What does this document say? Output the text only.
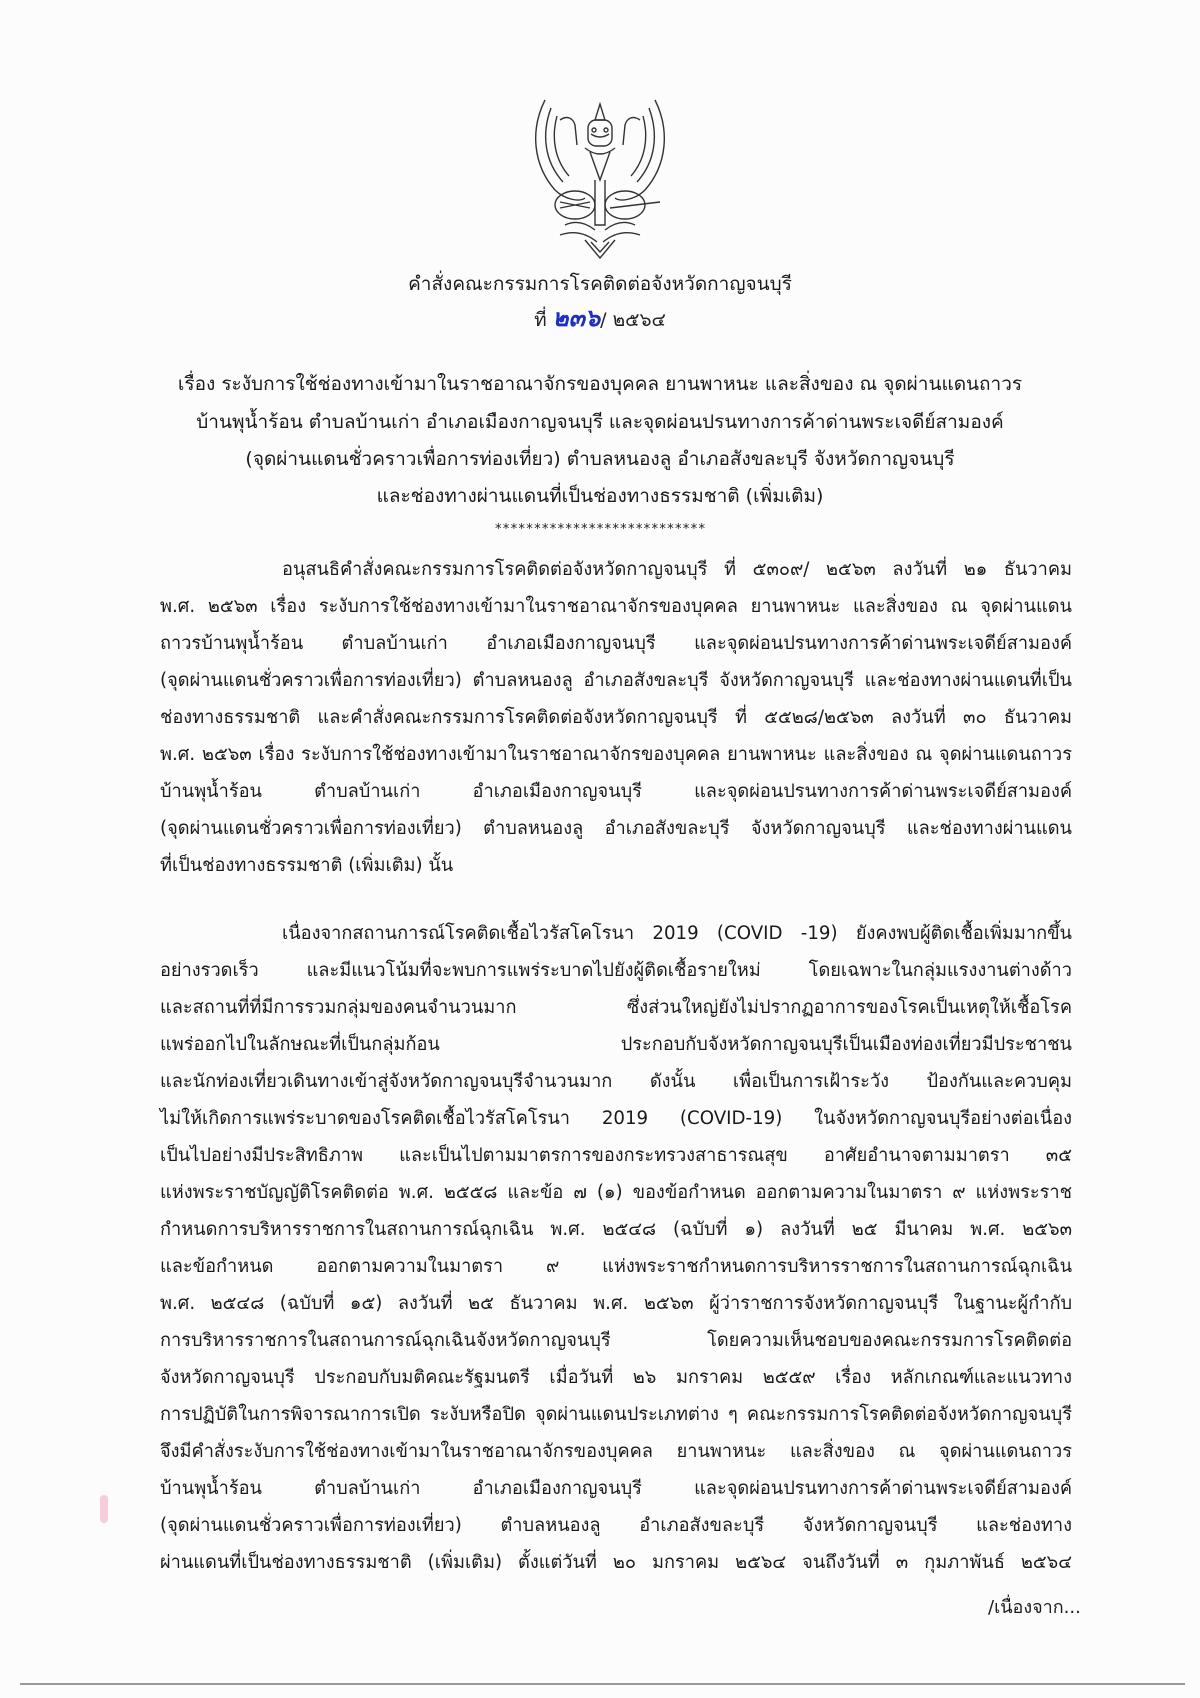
คำสั่งคณะกรรมการโรคติดต่อจังหวัดกาญจนบุรี
ที่ ๒๓๖/ ๒๕๖๔
เรื่อง ระงับการใช้ช่องทางเข้ามาในราชอาณาจักรของบุคคล ยานพาหนะ และสิ่งของ ณ จุดผ่านแดนถาวร
บ้านพุน้ำร้อน ตำบลบ้านเก่า อำเภอเมืองกาญจนบุรี และจุดผ่อนปรนทางการค้าด่านพระเจดีย์สามองค์
(จุดผ่านแดนชั่วคราวเพื่อการท่องเที่ยว) ตำบลหนองลู อำเภอสังขละบุรี จังหวัดกาญจนบุรี
และช่องทางผ่านแดนที่เป็นช่องทางธรรมชาติ (เพิ่มเติม)
***************************
อนุสนธิคำสั่งคณะกรรมการโรคติดต่อจังหวัดกาญจนบุรี ที่ ๕๓๐๙/ ๒๕๖๓ ลงวันที่ ๒๑ ธันวาคม
พ.ศ. ๒๕๖๓ เรื่อง ระงับการใช้ช่องทางเข้ามาในราชอาณาจักรของบุคคล ยานพาหนะ และสิ่งของ ณ จุดผ่านแดน
ถาวรบ้านพุน้ำร้อน ตำบลบ้านเก่า อำเภอเมืองกาญจนบุรี และจุดผ่อนปรนทางการค้าด่านพระเจดีย์สามองค์
(จุดผ่านแดนชั่วคราวเพื่อการท่องเที่ยว) ตำบลหนองลู อำเภอสังขละบุรี จังหวัดกาญจนบุรี และช่องทางผ่านแดนที่เป็น
ช่องทางธรรมชาติ และคำสั่งคณะกรรมการโรคติดต่อจังหวัดกาญจนบุรี ที่ ๕๕๒๘/๒๕๖๓ ลงวันที่ ๓๐ ธันวาคม
พ.ศ. ๒๕๖๓ เรื่อง ระงับการใช้ช่องทางเข้ามาในราชอาณาจักรของบุคคล ยานพาหนะ และสิ่งของ ณ จุดผ่านแดนถาวร
บ้านพุน้ำร้อน ตำบลบ้านเก่า อำเภอเมืองกาญจนบุรี และจุดผ่อนปรนทางการค้าด่านพระเจดีย์สามองค์
(จุดผ่านแดนชั่วคราวเพื่อการท่องเที่ยว) ตำบลหนองลู อำเภอสังขละบุรี จังหวัดกาญจนบุรี และช่องทางผ่านแดน
ที่เป็นช่องทางธรรมชาติ (เพิ่มเติม) นั้น
เนื่องจากสถานการณ์โรคติดเชื้อไวรัสโคโรนา 2019 (COVID -19) ยังคงพบผู้ติดเชื้อเพิ่มมากขึ้น
อย่างรวดเร็ว และมีแนวโน้มที่จะพบการแพร่ระบาดไปยังผู้ติดเชื้อรายใหม่ โดยเฉพาะในกลุ่มแรงงานต่างด้าว
และสถานที่ที่มีการรวมกลุ่มของคนจำนวนมาก ซึ่งส่วนใหญ่ยังไม่ปรากฏอาการของโรคเป็นเหตุให้เชื้อโรค
แพร่ออกไปในลักษณะที่เป็นกลุ่มก้อน ประกอบกับจังหวัดกาญจนบุรีเป็นเมืองท่องเที่ยวมีประชาชน
และนักท่องเที่ยวเดินทางเข้าสู่จังหวัดกาญจนบุรีจำนวนมาก ดังนั้น เพื่อเป็นการเฝ้าระวัง ป้องกันและควบคุม
ไม่ให้เกิดการแพร่ระบาดของโรคติดเชื้อไวรัสโคโรนา 2019 (COVID-19) ในจังหวัดกาญจนบุรีอย่างต่อเนื่อง
เป็นไปอย่างมีประสิทธิภาพ และเป็นไปตามมาตรการของกระทรวงสาธารณสุข อาศัยอำนาจตามมาตรา ๓๕
แห่งพระราชบัญญัติโรคติดต่อ พ.ศ. ๒๕๕๘ และข้อ ๗ (๑) ของข้อกำหนด ออกตามความในมาตรา ๙ แห่งพระราช
กำหนดการบริหารราชการในสถานการณ์ฉุกเฉิน พ.ศ. ๒๕๔๘ (ฉบับที่ ๑) ลงวันที่ ๒๕ มีนาคม พ.ศ. ๒๕๖๓
และข้อกำหนด ออกตามความในมาตรา ๙ แห่งพระราชกำหนดการบริหารราชการในสถานการณ์ฉุกเฉิน
พ.ศ. ๒๕๔๘ (ฉบับที่ ๑๕) ลงวันที่ ๒๕ ธันวาคม พ.ศ. ๒๕๖๓ ผู้ว่าราชการจังหวัดกาญจนบุรี ในฐานะผู้กำกับ
การบริหารราชการในสถานการณ์ฉุกเฉินจังหวัดกาญจนบุรี โดยความเห็นชอบของคณะกรรมการโรคติดต่อ
จังหวัดกาญจนบุรี ประกอบกับมติคณะรัฐมนตรี เมื่อวันที่ ๒๖ มกราคม ๒๕๕๙ เรื่อง หลักเกณฑ์และแนวทาง
การปฏิบัติในการพิจารณาการเปิด ระงับหรือปิด จุดผ่านแดนประเภทต่าง ๆ คณะกรรมการโรคติดต่อจังหวัดกาญจนบุรี
จึงมีคำสั่งระงับการใช้ช่องทางเข้ามาในราชอาณาจักรของบุคคล ยานพาหนะ และสิ่งของ ณ จุดผ่านแดนถาวร
บ้านพุน้ำร้อน ตำบลบ้านเก่า อำเภอเมืองกาญจนบุรี และจุดผ่อนปรนทางการค้าด่านพระเจดีย์สามองค์
(จุดผ่านแดนชั่วคราวเพื่อการท่องเที่ยว) ตำบลหนองลู อำเภอสังขละบุรี จังหวัดกาญจนบุรี และช่องทาง
ผ่านแดนที่เป็นช่องทางธรรมชาติ (เพิ่มเติม) ตั้งแต่วันที่ ๒๐ มกราคม ๒๕๖๔ จนถึงวันที่ ๓ กุมภาพันธ์ ๒๕๖๔
/เนื่องจาก...
